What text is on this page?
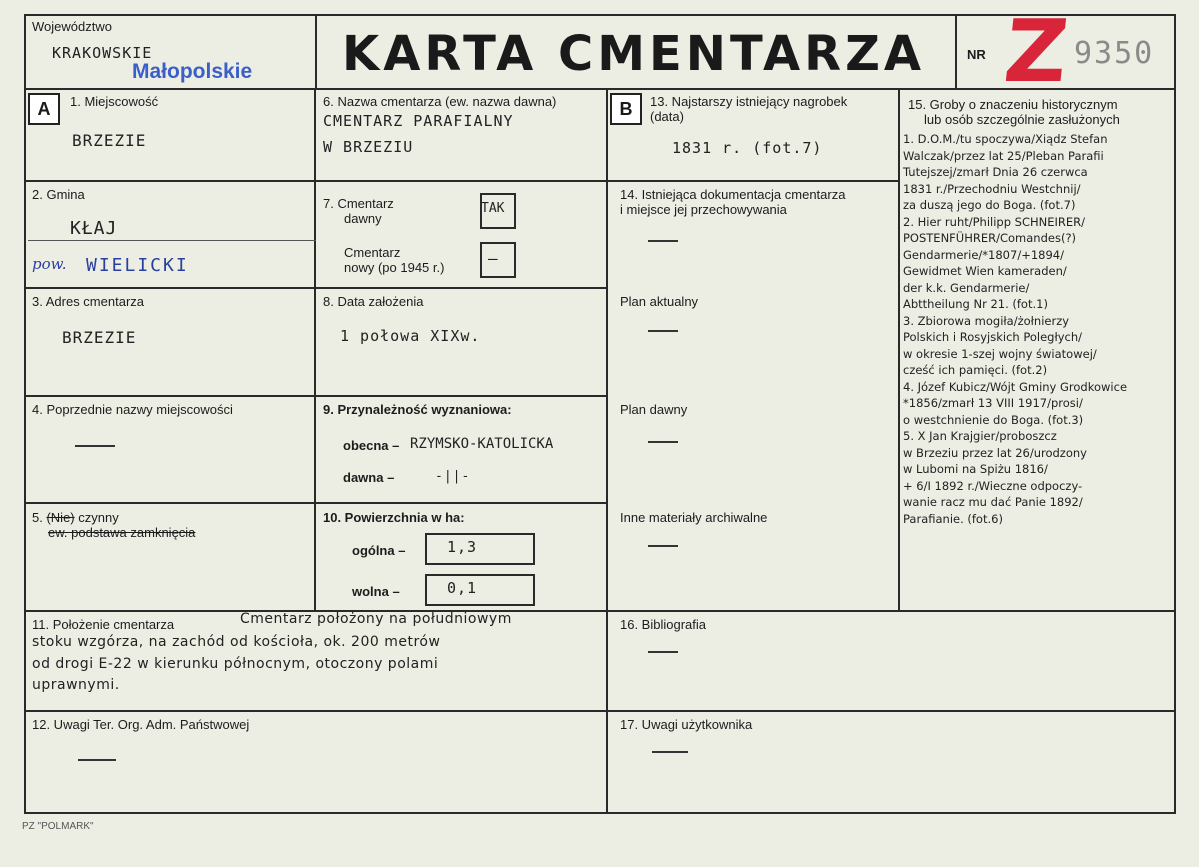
Województwo
KRAKOWSKIE
Małopolskie KARTA CMENTARZA	NR Z 9350
A	1. Miejscowość
BRZEZIE
2. Gmina
KŁAJ
pow. WIELICKI
3. Adres cmentarza
BRZEZIE
4. Poprzednie nazwy miejscowości
5. (Nie) czynny
ew. podstawa zamknięcia
6. Nazwa cmentarza (ew. nazwa dawna)
CMENTARZ PARAFIALNY
W BRZEZIU
7. Cmentarz
dawny
TAK
Cmentarz
nowy (po 1945 r.)	—
8. Data założenia
1 połowa XIXw.
9. Przynależność wyznaniowa:
obecna – RZYMSKO-KATOLICKA
dawna –	-||-
10. Powierzchnia w ha:
ogólna –	1,3
wolna –	0,1
B	13. Najstarszy istniejący nagrobek
(data)
1831 r. (fot.7)
14. Istniejąca dokumentacja cmentarza
i miejsce jej przechowywania
Plan aktualny
Plan dawny
Inne materiały archiwalne
15. Groby o znaczeniu historycznym
lub osób szczególnie zasłużonych
1. D.O.M./tu spoczywa/Xiądz Stefan
Walczak/przez lat 25/Pleban Parafii
Tutejszej/zmarł Dnia 26 czerwca
1831 r./Przechodniu Westchnij/
za duszą jego do Boga. (fot.7)
2. Hier ruht/Philipp SCHNEIRER/
POSTENFÜHRER/Comandes(?)
Gendarmerie/*1807/+1894/
Gewidmet Wien kameraden/
der k.k. Gendarmerie/
Abttheilung Nr 21. (fot.1)
3. Zbiorowa mogiła/żołnierzy
Polskich i Rosyjskich Poległych/
w okresie 1-szej wojny światowej/
cześć ich pamięci. (fot.2)
4. Józef Kubicz/Wójt Gminy Grodkowice
*1856/zmarł 13 VIII 1917/prosi/
o westchnienie do Boga. (fot.3)
5. X Jan Krajgier/proboszcz
w Brzeziu przez lat 26/urodzony
w Lubomi na Spiżu 1816/
+ 6/I 1892 r./Wieczne odpoczy-
wanie racz mu dać Panie 1892/
Parafianie. (fot.6)
11. Położenie cmentarza	Cmentarz położony na południowym
stoku wzgórza, na zachód od kościoła, ok. 200 metrów
od drogi E-22 w kierunku północnym, otoczony polami
uprawnymi.
16. Bibliografia
12. Uwagi Ter. Org. Adm. Państwowej	17. Uwagi użytkownika
PZ "POLMARK"
